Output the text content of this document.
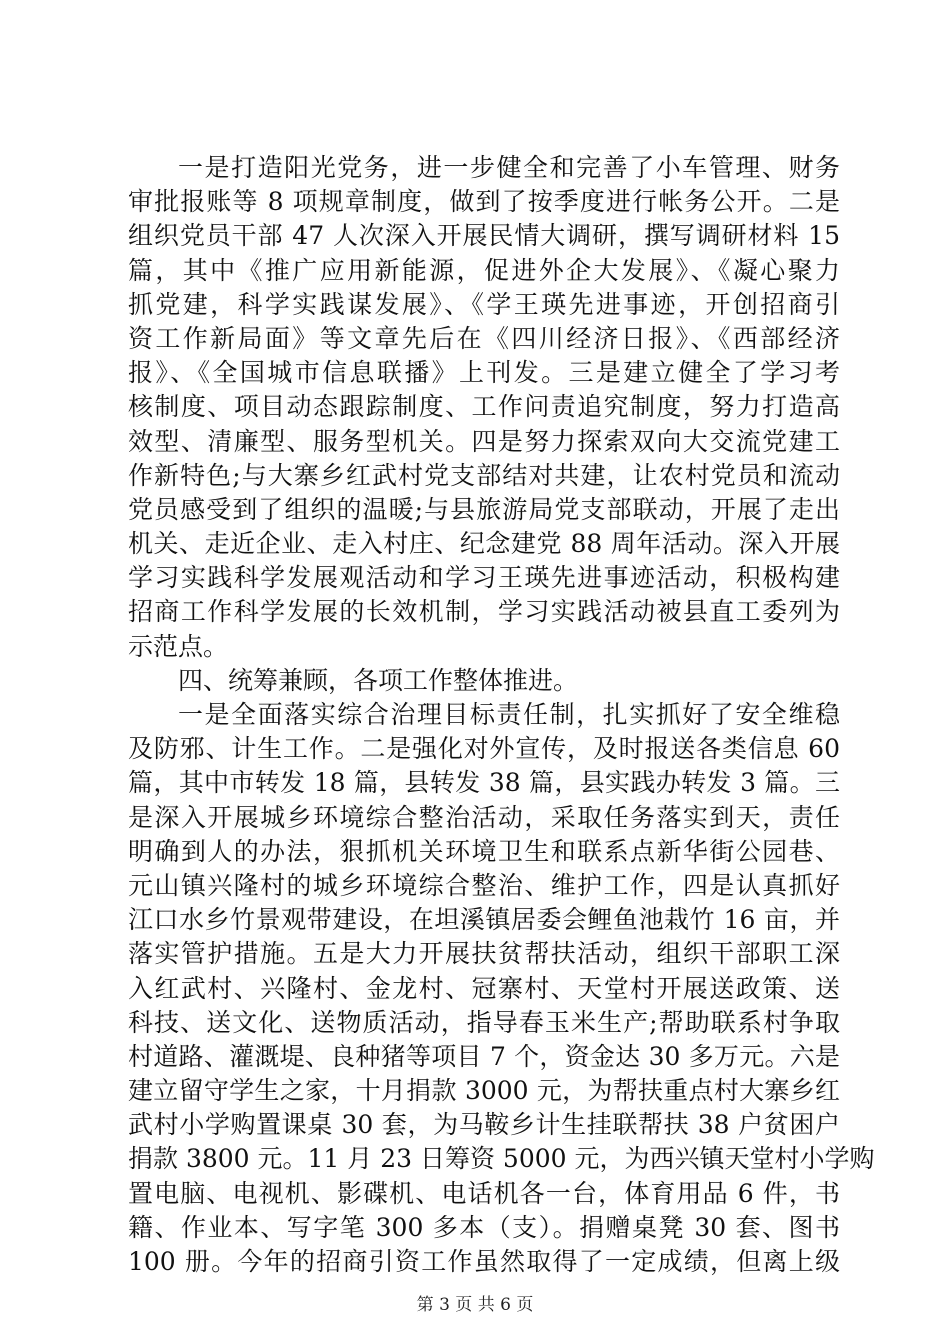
一是打造阳光党务，进一步健全和完善了小车管理、财务
审批报账等 8 项规章制度，做到了按季度进行帐务公开。二是
组织党员干部 47 人次深入开展民情大调研，撰写调研材料 15
篇，其中《推广应用新能源，促进外企大发展》、《凝心聚力
抓党建，科学实践谋发展》、《学王瑛先进事迹，开创招商引
资工作新局面》等文章先后在《四川经济日报》、《西部经济
报》、《全国城市信息联播》上刊发。三是建立健全了学习考
核制度、项目动态跟踪制度、工作问责追究制度，努力打造高
效型、清廉型、服务型机关。四是努力探索双向大交流党建工
作新特色;与大寨乡红武村党支部结对共建，让农村党员和流动
党员感受到了组织的温暖;与县旅游局党支部联动，开展了走出
机关、走近企业、走入村庄、纪念建党 88 周年活动。深入开展
学习实践科学发展观活动和学习王瑛先进事迹活动，积极构建
招商工作科学发展的长效机制，学习实践活动被县直工委列为
示范点。
四、统筹兼顾，各项工作整体推进。
一是全面落实综合治理目标责任制，扎实抓好了安全维稳
及防邪、计生工作。二是强化对外宣传，及时报送各类信息 60
篇，其中市转发 18 篇，县转发 38 篇，县实践办转发 3 篇。三
是深入开展城乡环境综合整治活动，采取任务落实到天，责任
明确到人的办法，狠抓机关环境卫生和联系点新华街公园巷、
元山镇兴隆村的城乡环境综合整治、维护工作，四是认真抓好
江口水乡竹景观带建设，在坦溪镇居委会鲤鱼池栽竹 16 亩，并
落实管护措施。五是大力开展扶贫帮扶活动，组织干部职工深
入红武村、兴隆村、金龙村、冠寨村、天堂村开展送政策、送
科技、送文化、送物质活动，指导春玉米生产;帮助联系村争取
村道路、灌溉堤、良种猪等项目 7 个，资金达 30 多万元。六是
建立留守学生之家，十月捐款 3000 元，为帮扶重点村大寨乡红
武村小学购置课桌 30 套，为马鞍乡计生挂联帮扶 38 户贫困户
捐款 3800 元。11 月 23 日筹资 5000 元，为西兴镇天堂村小学购
置电脑、电视机、影碟机、电话机各一台，体育用品 6 件，书
籍、作业本、写字笔 300 多本（支）。捐赠桌凳 30 套、图书
100 册。今年的招商引资工作虽然取得了一定成绩，但离上级
第 3 页 共 6 页
